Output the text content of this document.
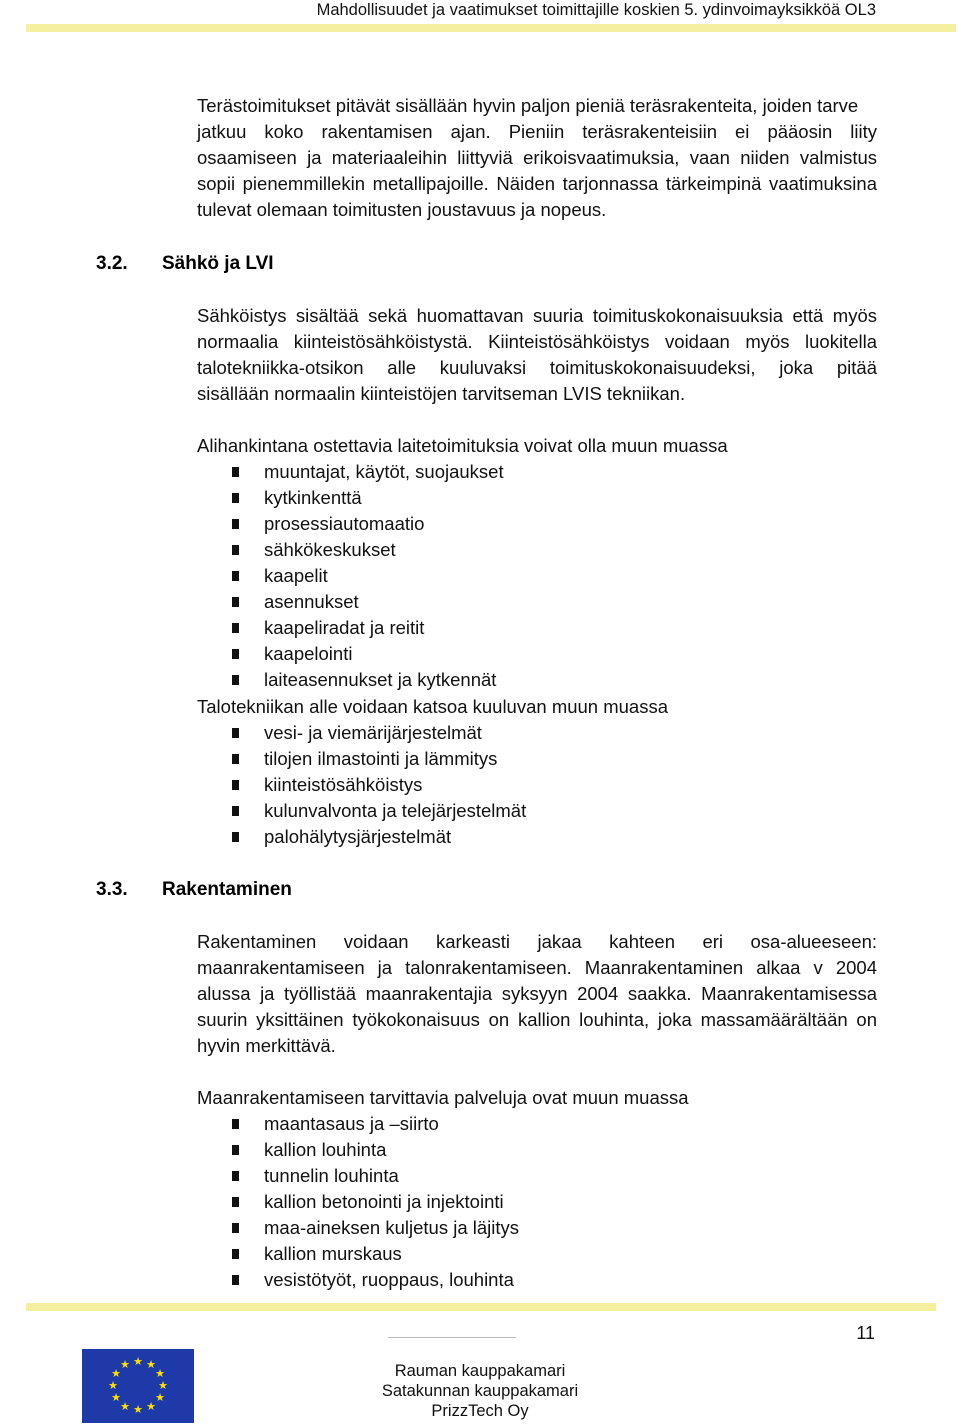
Mahdollisuudet ja vaatimukset toimittajille koskien 5. ydinvoimayksikköä OL3

Terästoimitukset pitävät sisällään hyvin paljon pieniä teräsrakenteita, joiden tarve
jatkuu koko rakentamisen ajan. Pieniin teräsrakenteisiin ei pääosin liity
osaamiseen ja materiaaleihin liittyviä erikoisvaatimuksia, vaan niiden valmistus
sopii pienemmillekin metallipajoille. Näiden tarjonnassa tärkeimpinä vaatimuksina
tulevat olemaan toimitusten joustavuus ja nopeus.

3.2. Sähkö ja LVI

Sähköistys sisältää sekä huomattavan suuria toimituskokonaisuuksia että myös
normaalia kiinteistösähköistystä. Kiinteistösähköistys voidaan myös luokitella
talotekniikka-otsikon alle kuuluvaksi toimituskokonaisuudeksi, joka pitää
sisällään normaalin kiinteistöjen tarvitseman LVIS tekniikan.

Alihankintana ostettavia laitetoimituksia voivat olla muun muassa

muuntajat, käytöt, suojaukset
kytkinkenttä
prosessiautomaatio
sähkökeskukset
kaapelit
asennukset
kaapeliradat ja reitit
kaapelointi
laiteasennukset ja kytkennät

Talotekniikan alle voidaan katsoa kuuluvan muun muassa

vesi- ja viemärijärjestelmät
tilojen ilmastointi ja lämmitys
kiinteistösähköistys
kulunvalvonta ja telejärjestelmät
palohälytysjärjestelmät
3.3. Rakentaminen

Rakentaminen voidaan karkeasti jakaa kahteen eri osa-alueeseen:
maanrakentamiseen ja talonrakentamiseen. Maanrakentaminen alkaa v 2004
alussa ja työllistää maanrakentajia syksyyn 2004 saakka. Maanrakentamisessa
suurin yksittäinen työkokonaisuus on kallion louhinta, joka massamäärältään on
hyvin merkittävä.

Maanrakentamiseen tarvittavia palveluja ovat muun muassa

maantasaus ja –siirto
kallion louhinta
tunnelin louhinta
kallion betonointi ja injektointi
maa-aineksen kuljetus ja läjitys
kallion murskaus
vesistötyöt, ruoppaus, louhinta
11
★ ★
★
★
★
★
★
★
★
★
★
★	Rauman kauppakamari
Satakunnan kauppakamari
PrizzTech Oy
